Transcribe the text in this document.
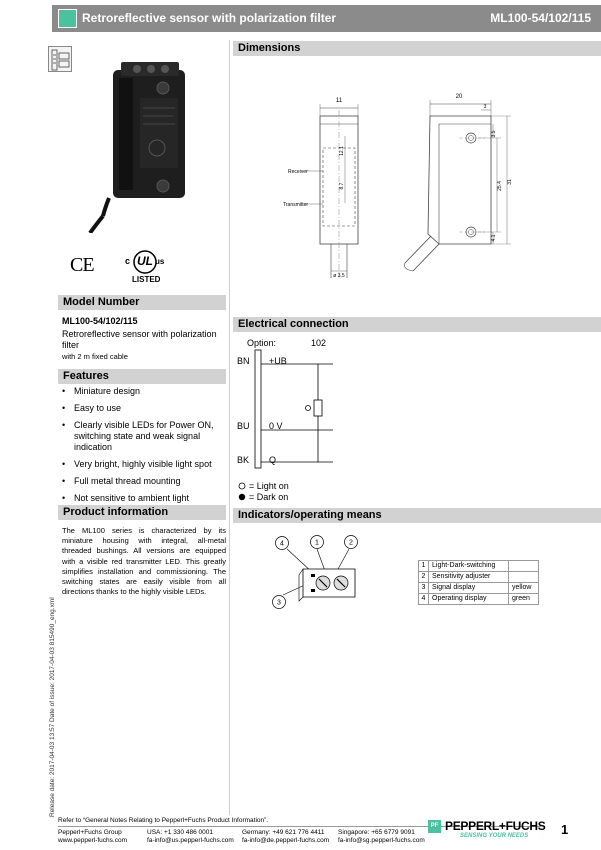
Retroreflective sensor with polarization filter	ML100-54/102/115
CE	c UL us
LISTED
Model Number
ML100-54/102/115
Retroreflective sensor with polarization filter
with 2 m fixed cable
Features
• Miniature design
• Easy to use
• Clearly visible LEDs for Power ON, switching state and weak signal indication
• Very bright, highly visible light spot
• Full metal thread mounting
• Not sensitive to ambient light
Product information
The ML100 series is characterized by its miniature housing with integral, all-metal threaded bushings. All versions are equipped with a visible red transmitter LED. This greatly simplifies installation and commissioning. The switching states are easily visible from all directions thanks to the highly visible LEDs.
Release date: 2017-04-03 13:57 Date of issue: 2017-04-03 815490_eng.xml
Dimensions
11
20
3
3.5
25.4 31
12.1
8.7
4.1
ø 3.5
Receiver
Transmitter
Electrical connection
Option:	102
BN +UB
BU 0 V
BK Q
= Light on
= Dark on
Indicators/operating means
4	1	2
3
1	Light-Dark-switching	
2	Sensitivity adjuster	
3	Signal display	yellow
4	Operating display	green
Refer to “General Notes Relating to Pepperl+Fuchs Product Information”.
Pepperl+Fuchs Group
www.pepperl-fuchs.com
USA: +1 330 486 0001
fa-info@us.pepperl-fuchs.com
Germany: +49 621 776 4411
fa-info@de.pepperl-fuchs.com
Singapore: +65 6779 9091
fa-info@sg.pepperl-fuchs.com
PF PEPPERL+FUCHS
SENSING YOUR NEEDS	1
